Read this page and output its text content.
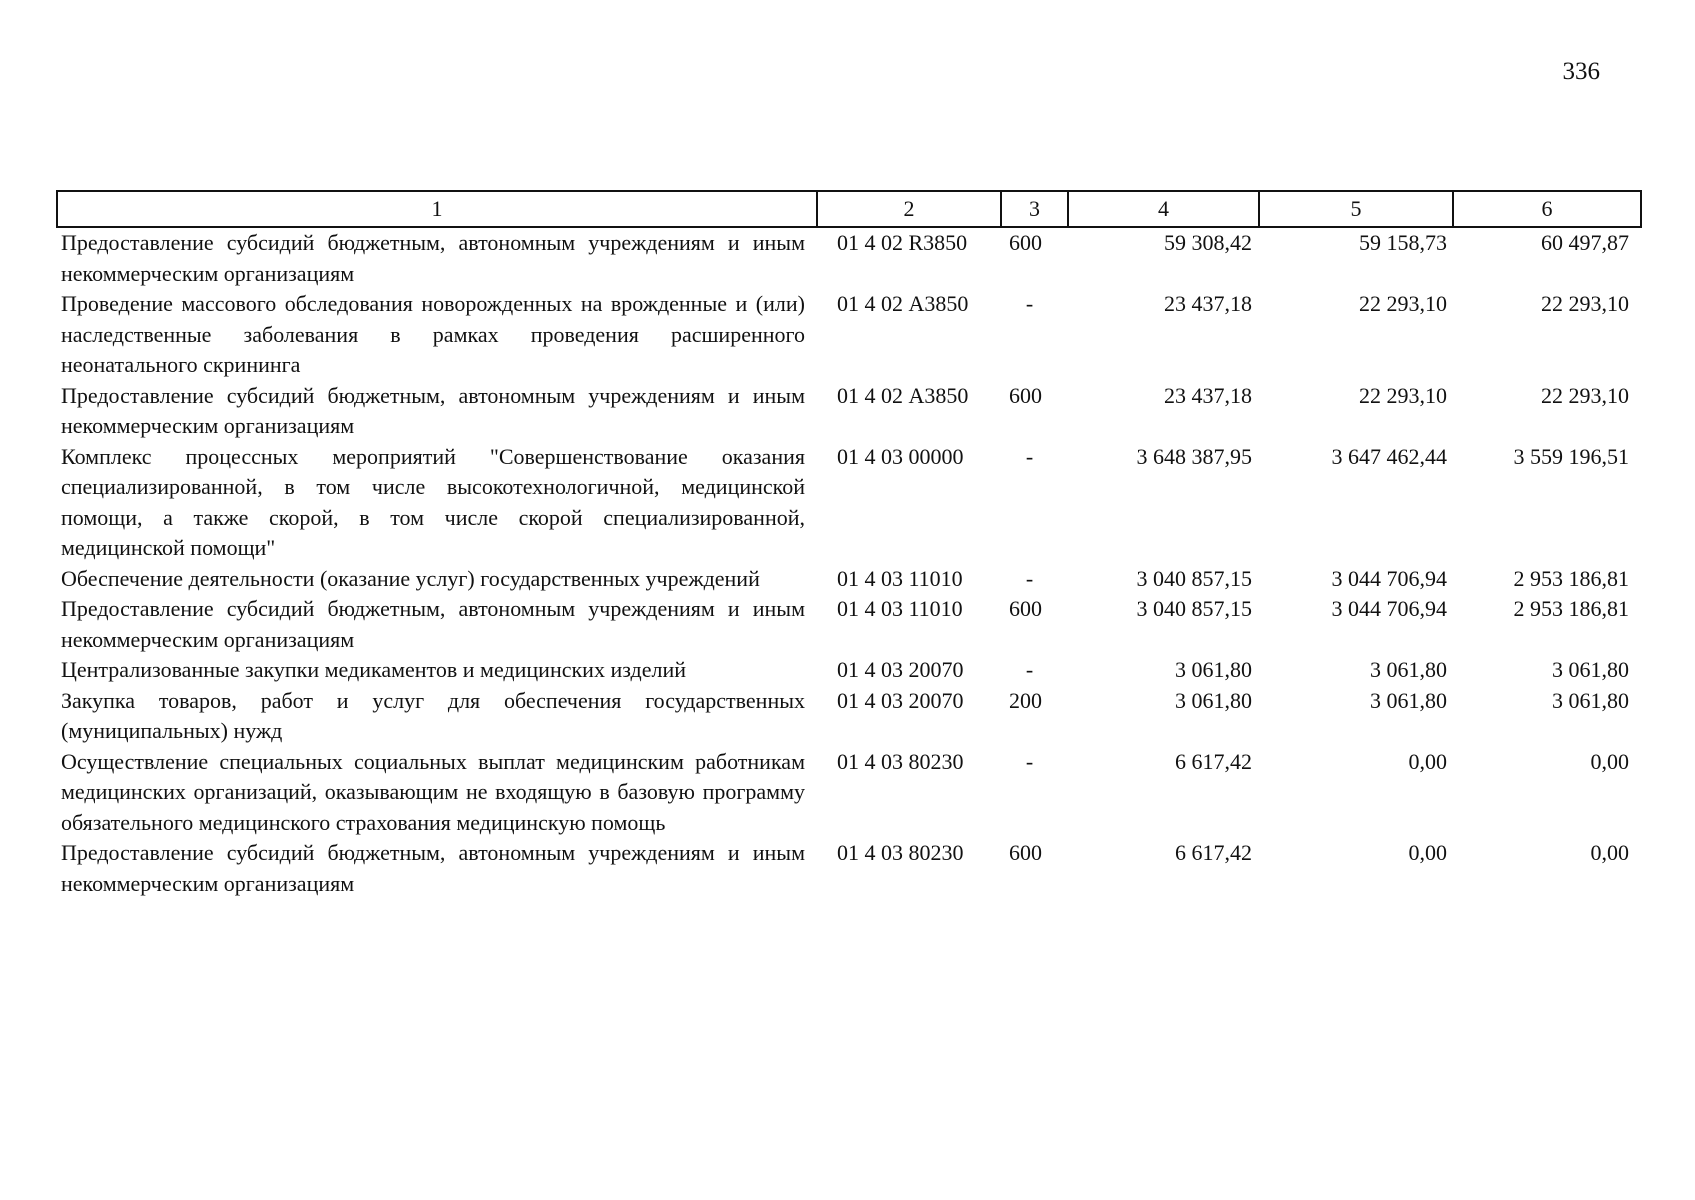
336
1	2	3	4	5	6
Предоставление субсидий бюджетным, автономным учреждениям и иным некоммерческим организациям	01 4 02 R3850	600	59 308,42	59 158,73	60 497,87
Проведение массового обследования новорожденных на врожденные и (или) наследственные заболевания в рамках проведения расширенного неонатального скрининга	01 4 02 А3850	-	23 437,18	22 293,10	22 293,10
Предоставление субсидий бюджетным, автономным учреждениям и иным некоммерческим организациям	01 4 02 А3850	600	23 437,18	22 293,10	22 293,10
Комплекс процессных мероприятий "Совершенствование оказания специализированной, в том числе высокотехнологичной, медицинской помощи, а также скорой, в том числе скорой специализированной, медицинской помощи"	01 4 03 00000	-	3 648 387,95	3 647 462,44	3 559 196,51
Обеспечение деятельности (оказание услуг) государственных учреждений	01 4 03 11010	-	3 040 857,15	3 044 706,94	2 953 186,81
Предоставление субсидий бюджетным, автономным учреждениям и иным некоммерческим организациям	01 4 03 11010	600	3 040 857,15	3 044 706,94	2 953 186,81
Централизованные закупки медикаментов и медицинских изделий	01 4 03 20070	-	3 061,80	3 061,80	3 061,80
Закупка товаров, работ и услуг для обеспечения государственных (муниципальных) нужд	01 4 03 20070	200	3 061,80	3 061,80	3 061,80
Осуществление специальных социальных выплат медицинским работникам медицинских организаций, оказывающим не входящую в базовую программу обязательного медицинского страхования медицинскую помощь	01 4 03 80230	-	6 617,42	0,00	0,00
Предоставление субсидий бюджетным, автономным учреждениям и иным некоммерческим организациям	01 4 03 80230	600	6 617,42	0,00	0,00
